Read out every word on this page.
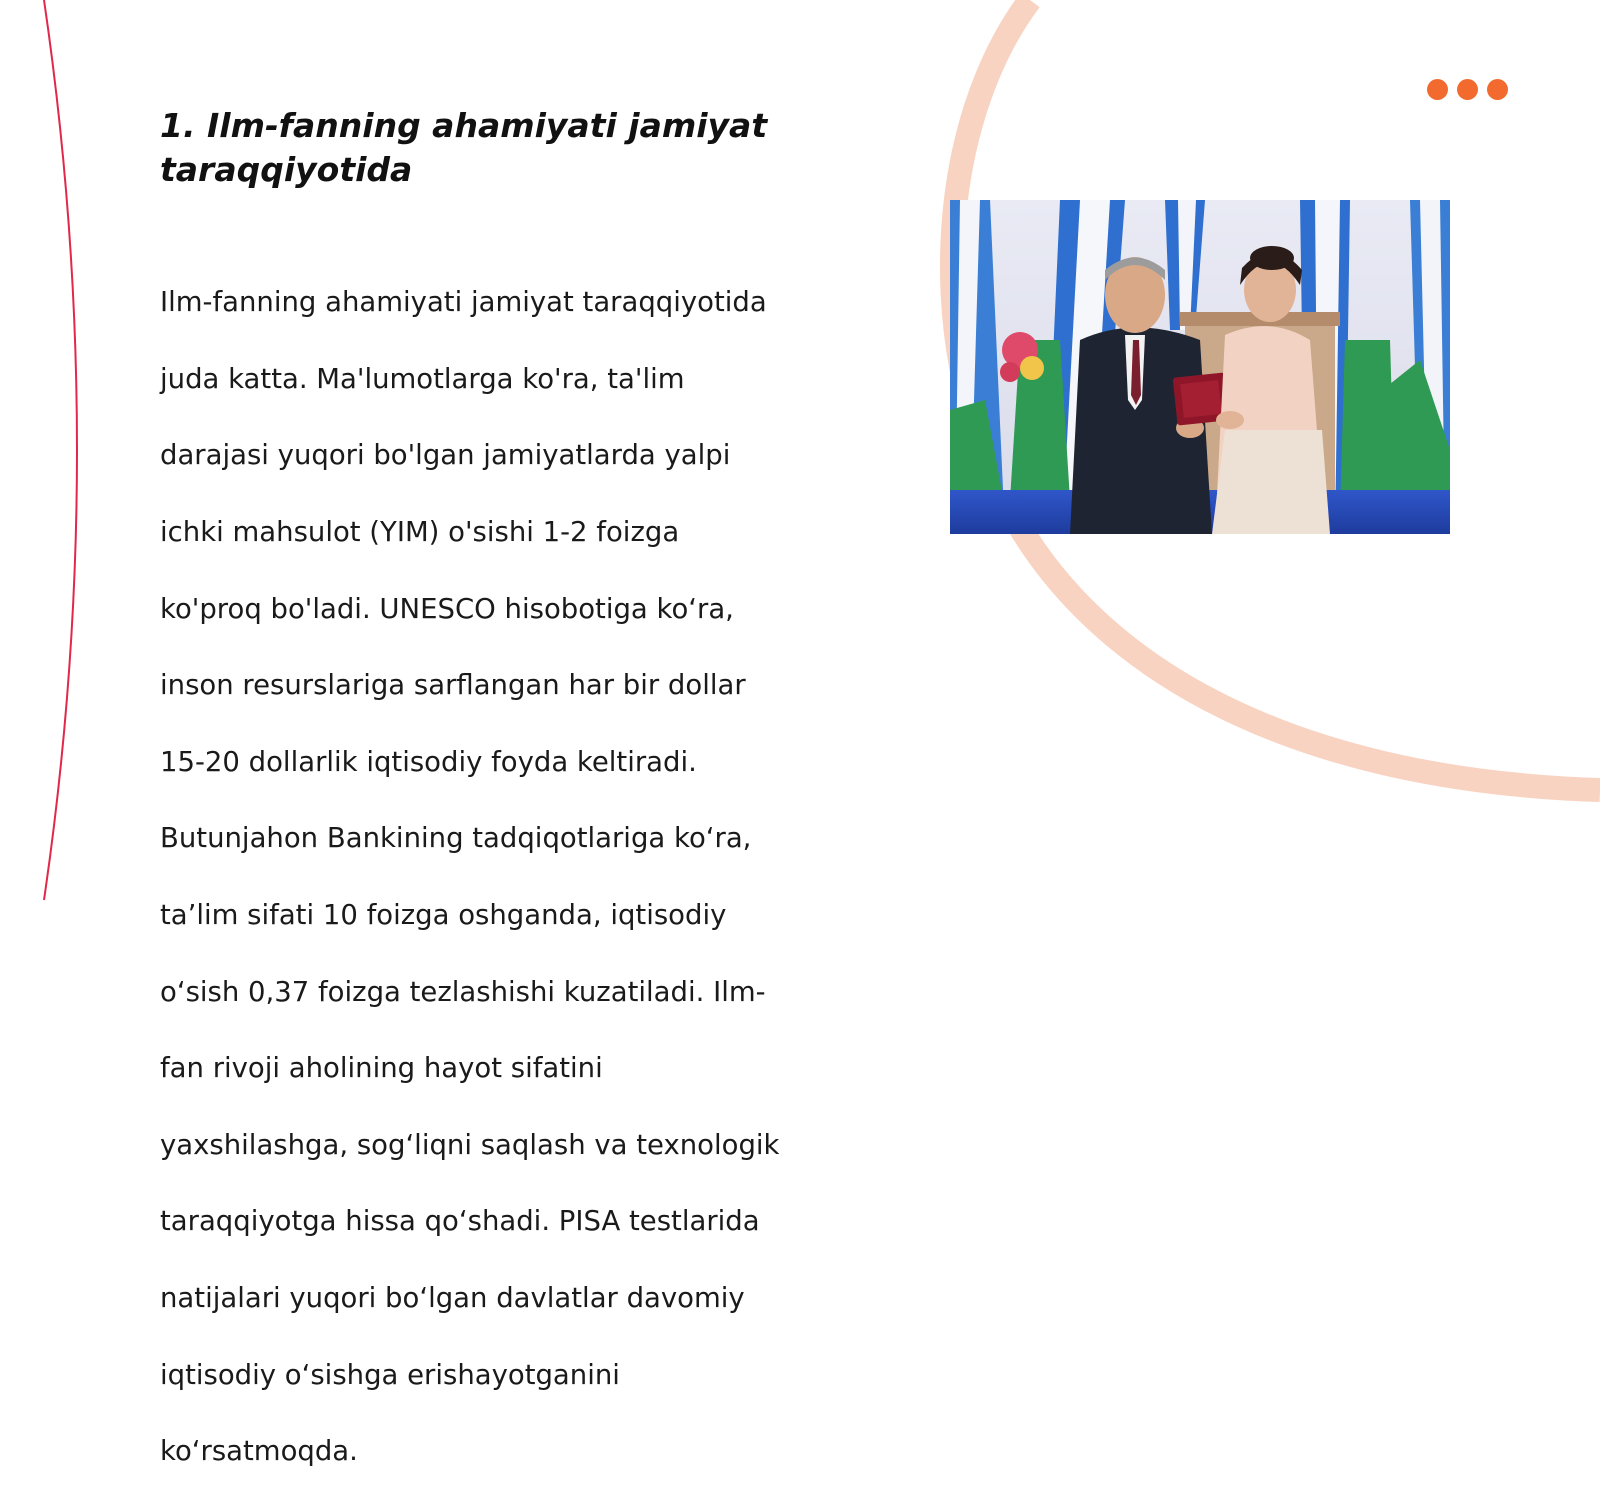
1. Ilm-fanning ahamiyati jamiyat
taraqqiyotida

Ilm-fanning ahamiyati jamiyat taraqqiyotida

juda katta. Ma'lumotlarga ko'ra, ta'lim

darajasi yuqori bo'lgan jamiyatlarda yalpi

ichki mahsulot (YIM) o'sishi 1-2 foizga

ko'proq bo'ladi. UNESCO hisobotiga ko‘ra,

inson resurslariga sarflangan har bir dollar

15-20 dollarlik iqtisodiy foyda keltiradi.

Butunjahon Bankining tadqiqotlariga ko‘ra,

ta’lim sifati 10 foizga oshganda, iqtisodiy

o‘sish 0,37 foizga tezlashishi kuzatiladi. Ilm-

fan rivoji aholining hayot sifatini

yaxshilashga, sog‘liqni saqlash va texnologik

taraqqiyotga hissa qo‘shadi. PISA testlarida

natijalari yuqori bo‘lgan davlatlar davomiy

iqtisodiy o‘sishga erishayotganini

ko‘rsatmoqda.
